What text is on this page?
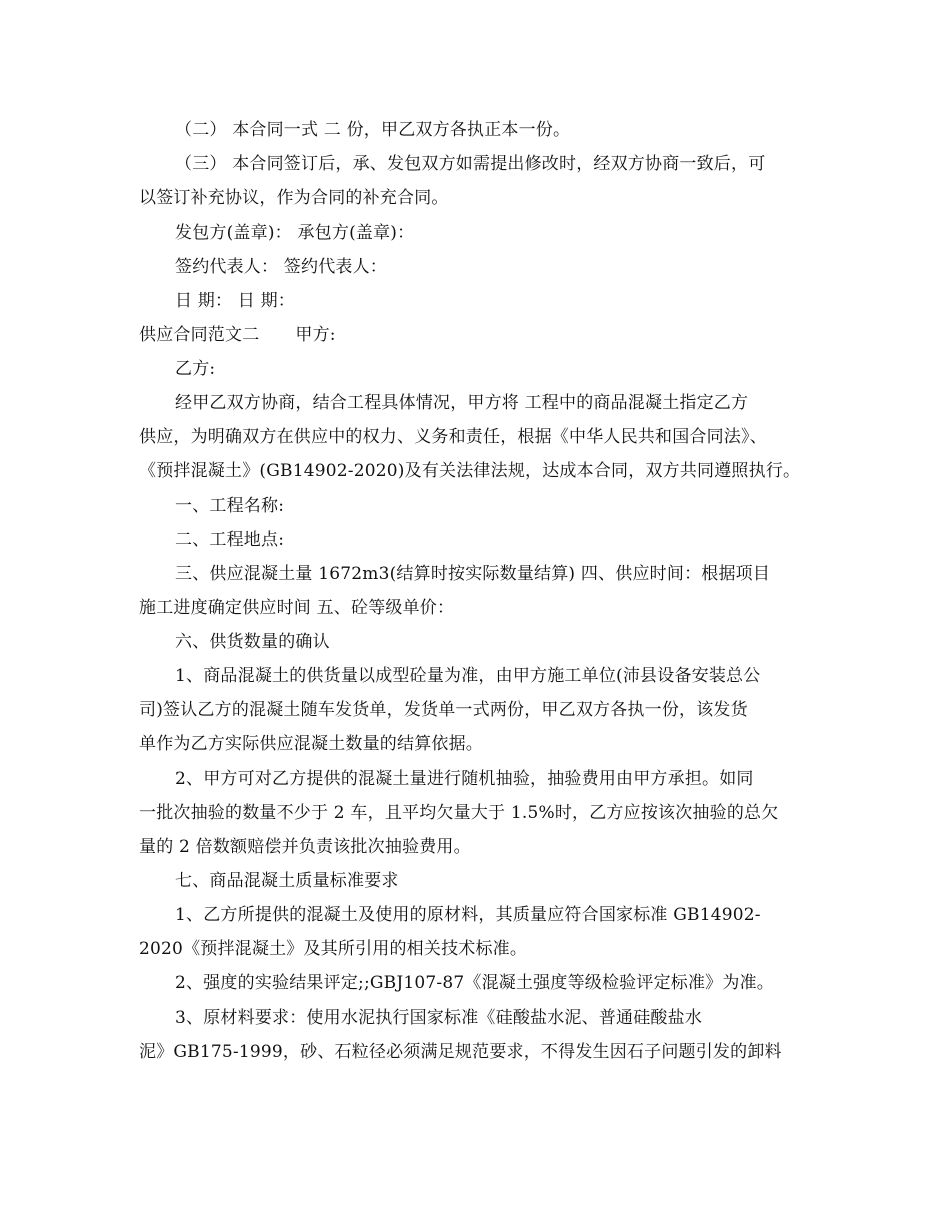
（二） 本合同一式 二 份，甲乙双方各执正本一份。
（三） 本合同签订后，承、发包双方如需提出修改时，经双方协商一致后，可
以签订补充协议，作为合同的补充合同。
发包方(盖章)： 承包方(盖章)：
签约代表人： 签约代表人：
日 期： 日 期：
供应合同范文二 甲方:
乙方:
经甲乙双方协商，结合工程具体情况，甲方将 工程中的商品混凝土指定乙方
供应，为明确双方在供应中的权力、义务和责任，根据《中华人民共和国合同法》、
《预拌混凝土》(GB14902-2020)及有关法律法规，达成本合同，双方共同遵照执行。
一、工程名称:
二、工程地点:
三、供应混凝土量 1672m3(结算时按实际数量结算) 四、供应时间：根据项目
施工进度确定供应时间 五、砼等级单价：
六、供货数量的确认
1、商品混凝土的供货量以成型砼量为准，由甲方施工单位(沛县设备安装总公
司)签认乙方的混凝土随车发货单，发货单一式两份，甲乙双方各执一份，该发货
单作为乙方实际供应混凝土数量的结算依据。
2、甲方可对乙方提供的混凝土量进行随机抽验，抽验费用由甲方承担。如同
一批次抽验的数量不少于 2 车，且平均欠量大于 1.5%时，乙方应按该次抽验的总欠
量的 2 倍数额赔偿并负责该批次抽验费用。
七、商品混凝土质量标准要求
1、乙方所提供的混凝土及使用的原材料，其质量应符合国家标准 GB14902-
2020《预拌混凝土》及其所引用的相关技术标准。
2、强度的实验结果评定;;GBJ107-87《混凝土强度等级检验评定标准》为准。
3、原材料要求：使用水泥执行国家标准《硅酸盐水泥、普通硅酸盐水
泥》GB175-1999，砂、石粒径必须满足规范要求，不得发生因石子问题引发的卸料
